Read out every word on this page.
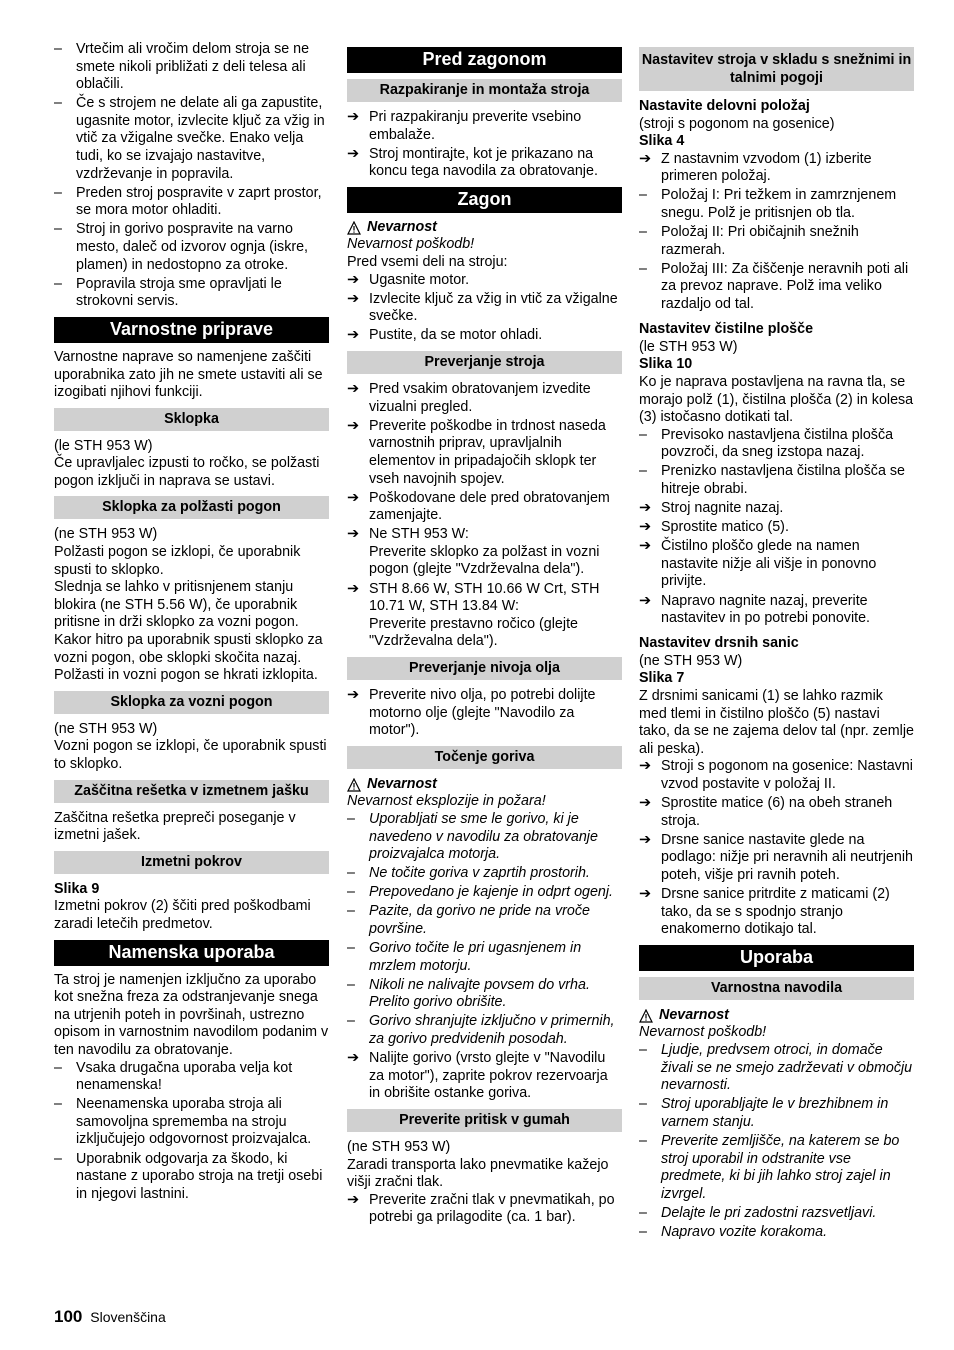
– Vrtečim ali vročim delom stroja se ne smete nikoli približati z deli telesa ali oblačili.
– Če s strojem ne delate ali ga zapustite, ugasnite motor, izvlecite ključ za vžig in vtič za vžigalne svečke. Enako velja tudi, ko se izvajajo nastavitve, vzdrževanje in popravila.
– Preden stroj pospravite v zaprt prostor, se mora motor ohladiti.
– Stroj in gorivo pospravite na varno mesto, daleč od izvorov ognja (iskre, plamen) in nedostopno za otroke.
– Popravila stroja sme opravljati le strokovni servis.
Varnostne priprave
Varnostne naprave so namenjene zaščiti uporabnika zato jih ne smete ustaviti ali se izogibati njihovi funkciji.
Sklopka
(le STH 953 W)
Če upravljalec izpusti to ročko, se polžasti pogon izključi in naprava se ustavi.
Sklopka za polžasti pogon
(ne STH 953 W)
Polžasti pogon se izklopi, če uporabnik spusti to sklopko.
Slednja se lahko v pritisnjenem stanju blokira (ne STH 5.56 W), če uporabnik pritisne in drži sklopko za vozni pogon. Kakor hitro pa uporabnik spusti sklopko za vozni pogon, obe sklopki skočita nazaj. Polžasti in vozni pogon se hkrati izklopita.
Sklopka za vozni pogon
(ne STH 953 W)
Vozni pogon se izklopi, če uporabnik spusti to sklopko.
Zaščitna rešetka v izmetnem jašku
Zaščitna rešetka prepreči poseganje v izmetni jašek.
Izmetni pokrov
Slika 9
Izmetni pokrov (2) ščiti pred poškodbami zaradi letečih predmetov.
Namenska uporaba
Ta stroj je namenjen izključno za uporabo kot snežna freza za odstranjevanje snega na utrjenih poteh in površinah, ustrezno opisom in varnostnim navodilom podanim v ten navodilu za obratovanje.
– Vsaka drugačna uporaba velja kot nenamenska!
– Neenamenska uporaba stroja ali samovoljna sprememba na stroju izključujejo odgovornost proizvajalca.
– Uporabnik odgovarja za škodo, ki nastane z uporabo stroja na tretji osebi in njegovi lastnini.
Pred zagonom
Razpakiranje in montaža stroja
➔ Pri razpakiranju preverite vsebino embalaže.
➔ Stroj montirajte, kot je prikazano na koncu tega navodila za obratovanje.
Zagon
Nevarnost
Nevarnost poškodb!
Pred vsemi deli na stroju:
➔ Ugasnite motor.
➔ Izvlecite ključ za vžig in vtič za vžigalne svečke.
➔ Pustite, da se motor ohladi.
Preverjanje stroja
➔ Pred vsakim obratovanjem izvedite vizualni pregled.
➔ Preverite poškodbe in trdnost naseda varnostnih priprav, upravljalnih elementov in pripadajočih sklopk ter vseh navojnih spojev.
➔ Poškodovane dele pred obratovanjem zamenjajte.
➔ Ne STH 953 W:
Preverite sklopko za polžast in vozni pogon (glejte "Vzdrževalna dela").
➔ STH 8.66 W, STH 10.66 W Crt, STH 10.71 W, STH 13.84 W:
Preverite prestavno ročico (glejte "Vzdrževalna dela").
Preverjanje nivoja olja
➔ Preverite nivo olja, po potrebi dolijte motorno olje (glejte "Navodilo za motor").
Točenje goriva
Nevarnost
Nevarnost eksplozije in požara!
– Uporabljati se sme le gorivo, ki je navedeno v navodilu za obratovanje proizvajalca motorja.
– Ne točite goriva v zaprtih prostorih.
– Prepovedano je kajenje in odprt ogenj.
– Pazite, da gorivo ne pride na vroče površine.
– Gorivo točite le pri ugasnjenem in mrzlem motorju.
– Nikoli ne nalivajte povsem do vrha. Prelito gorivo obrišite.
– Gorivo shranjujte izključno v primernih, za gorivo predvidenih posodah.
➔ Nalijte gorivo (vrsto glejte v "Navodilu za motor"), zaprite pokrov rezervoarja in obrišite ostanke goriva.
Preverite pritisk v gumah
(ne STH 953 W)
Zaradi transporta lako pnevmatike kažejo višji zračni tlak.
➔ Preverite zračni tlak v pnevmatikah, po potrebi ga prilagodite (ca. 1 bar).
Nastavitev stroja v skladu s snežnimi in talnimi pogoji
Nastavite delovni položaj
(stroji s pogonom na gosenice)
Slika 4
➔ Z nastavnim vzvodom (1) izberite primeren položaj.
– Položaj I: Pri težkem in zamrznjenem snegu. Polž je pritisnjen ob tla.
– Položaj II: Pri običajnih snežnih razmerah.
– Položaj III: Za čiščenje neravnih poti ali za prevoz naprave. Polž ima veliko razdaljo od tal.
Nastavitev čistilne plošče
(le STH 953 W)
Slika 10
Ko je naprava postavljena na ravna tla, se morajo polž (1), čistilna plošča (2) in kolesa (3) istočasno dotikati tal.
– Previsoko nastavljena čistilna plošča povzroči, da sneg izstopa nazaj.
– Prenizko nastavljena čistilna plošča se hitreje obrabi.
➔ Stroj nagnite nazaj.
➔ Sprostite matico (5).
➔ Čistilno ploščo glede na namen nastavite nižje ali višje in ponovno privijte.
➔ Napravo nagnite nazaj, preverite nastavitev in po potrebi ponovite.
Nastavitev drsnih sanic
(ne STH 953 W)
Slika 7
Z drsnimi sanicami (1) se lahko razmik med tlemi in čistilno ploščo (5) nastavi tako, da se ne zajema delov tal (npr. zemlje ali peska).
➔ Stroji s pogonom na gosenice: Nastavni vzvod postavite v položaj II.
➔ Sprostite matice (6) na obeh straneh stroja.
➔ Drsne sanice nastavite glede na podlago: nižje pri neravnih ali neutrjenih poteh, višje pri ravnih poteh.
➔ Drsne sanice pritrdite z maticami (2) tako, da se s spodnjo stranjo enakomerno dotikajo tal.
Uporaba
Varnostna navodila
Nevarnost
Nevarnost poškodb!
– Ljudje, predvsem otroci, in domače živali se ne smejo zadrževati v območju nevarnosti.
– Stroj uporabljajte le v brezhibnem in varnem stanju.
– Preverite zemljišče, na katerem se bo stroj uporabil in odstranite vse predmete, ki bi jih lahko stroj zajel in izvrgel.
– Delajte le pri zadostni razsvetljavi.
– Napravo vozite korakoma.
100 Slovenščina
